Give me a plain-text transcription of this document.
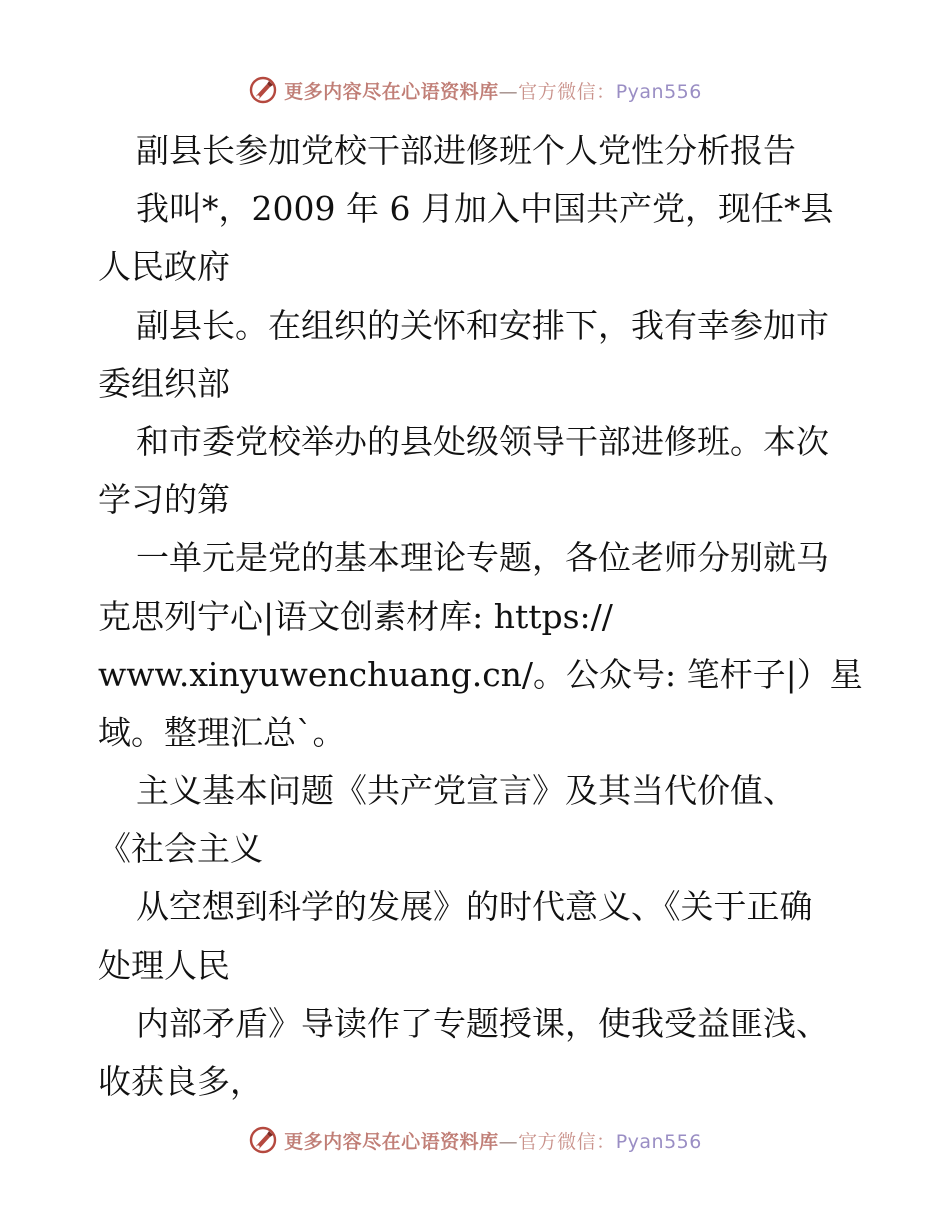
更多内容尽在心语资料库—官方微信：Pyan556
副县长参加党校干部进修班个人党性分析报告
我叫*，2009 年 6 月加入中国共产党，现任*县
人民政府
副县长。在组织的关怀和安排下，我有幸参加市
委组织部
和市委党校举办的县处级领导干部进修班。本次
学习的第
一单元是党的基本理论专题，各位老师分别就马
克思列宁心|语文创素材库: https://
www.xinyuwenchuang.cn/。公众号: 笔杆子|）星
域。整理汇总`。
主义基本问题《共产党宣言》及其当代价值、
《社会主义
从空想到科学的发展》的时代意义、《关于正确
处理人民
内部矛盾》导读作了专题授课，使我受益匪浅、
收获良多，
更多内容尽在心语资料库—官方微信：Pyan556
